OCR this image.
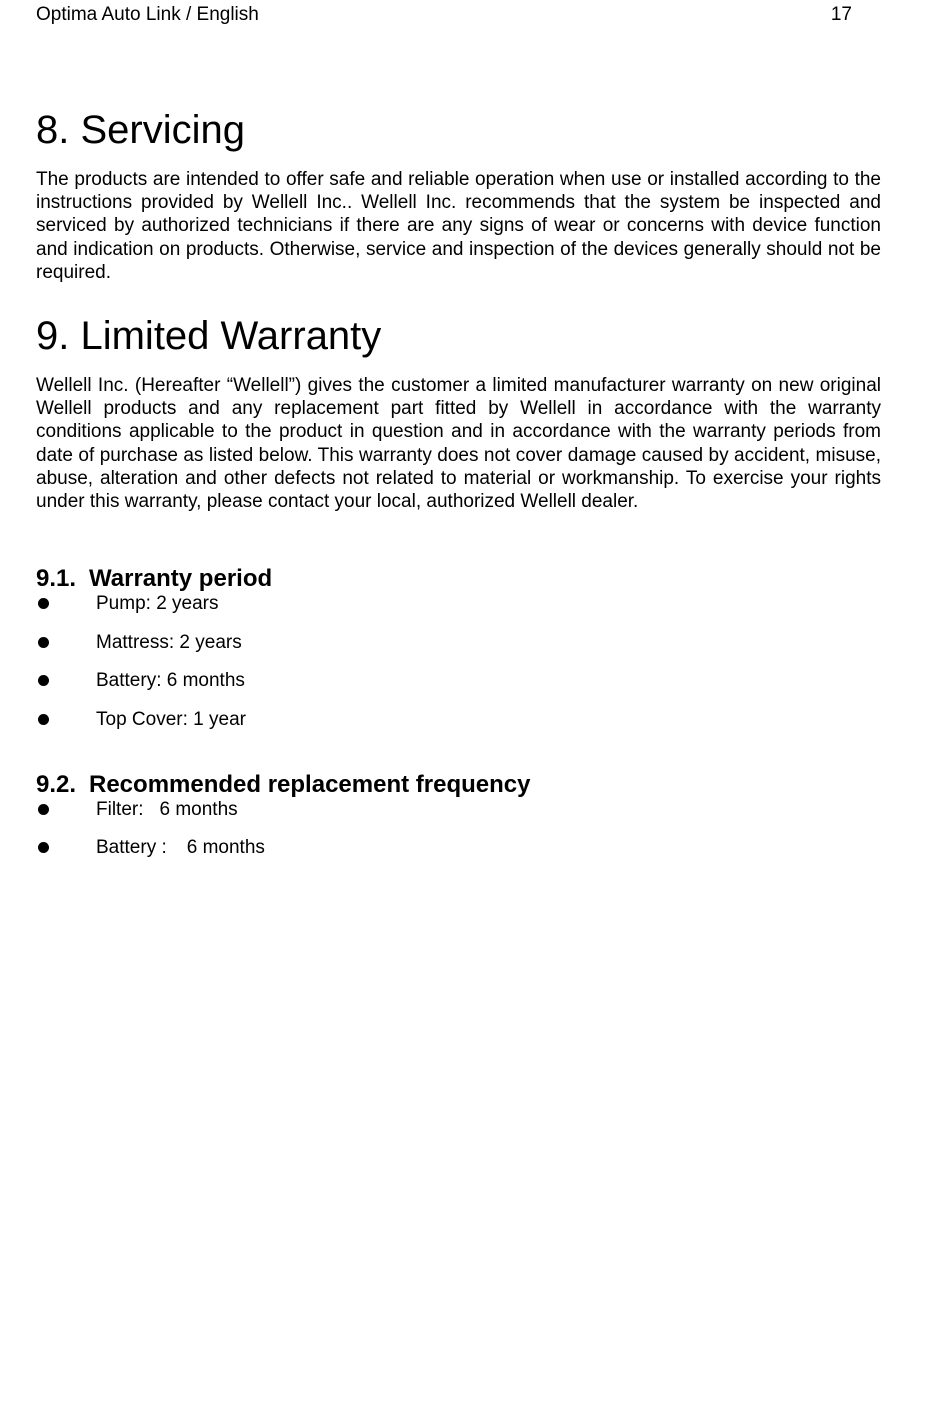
Optima Auto Link / English	17
8. Servicing

The products are intended to offer safe and reliable operation when use or installed according to the instructions provided by Wellell Inc.. Wellell Inc. recommends that the system be inspected and serviced by authorized technicians if there are any signs of wear or concerns with device function and indication on products. Otherwise, service and inspection of the devices generally should not be required.

9. Limited Warranty

Wellell Inc. (Hereafter “Wellell”) gives the customer a limited manufacturer warranty on new original Wellell products and any replacement part fitted by Wellell in accordance with the warranty conditions applicable to the product in question and in accordance with the warranty periods from date of purchase as listed below. This warranty does not cover damage caused by accident, misuse, abuse, alteration and other defects not related to material or workmanship. To exercise your rights under this warranty, please contact your local, authorized Wellell dealer.

9.1. Warranty period
Pump: 2 years
Mattress: 2 years
Battery: 6 months
Top Cover: 1 year
9.2. Recommended replacement frequency
Filter: 6 months
Battery : 6 months
